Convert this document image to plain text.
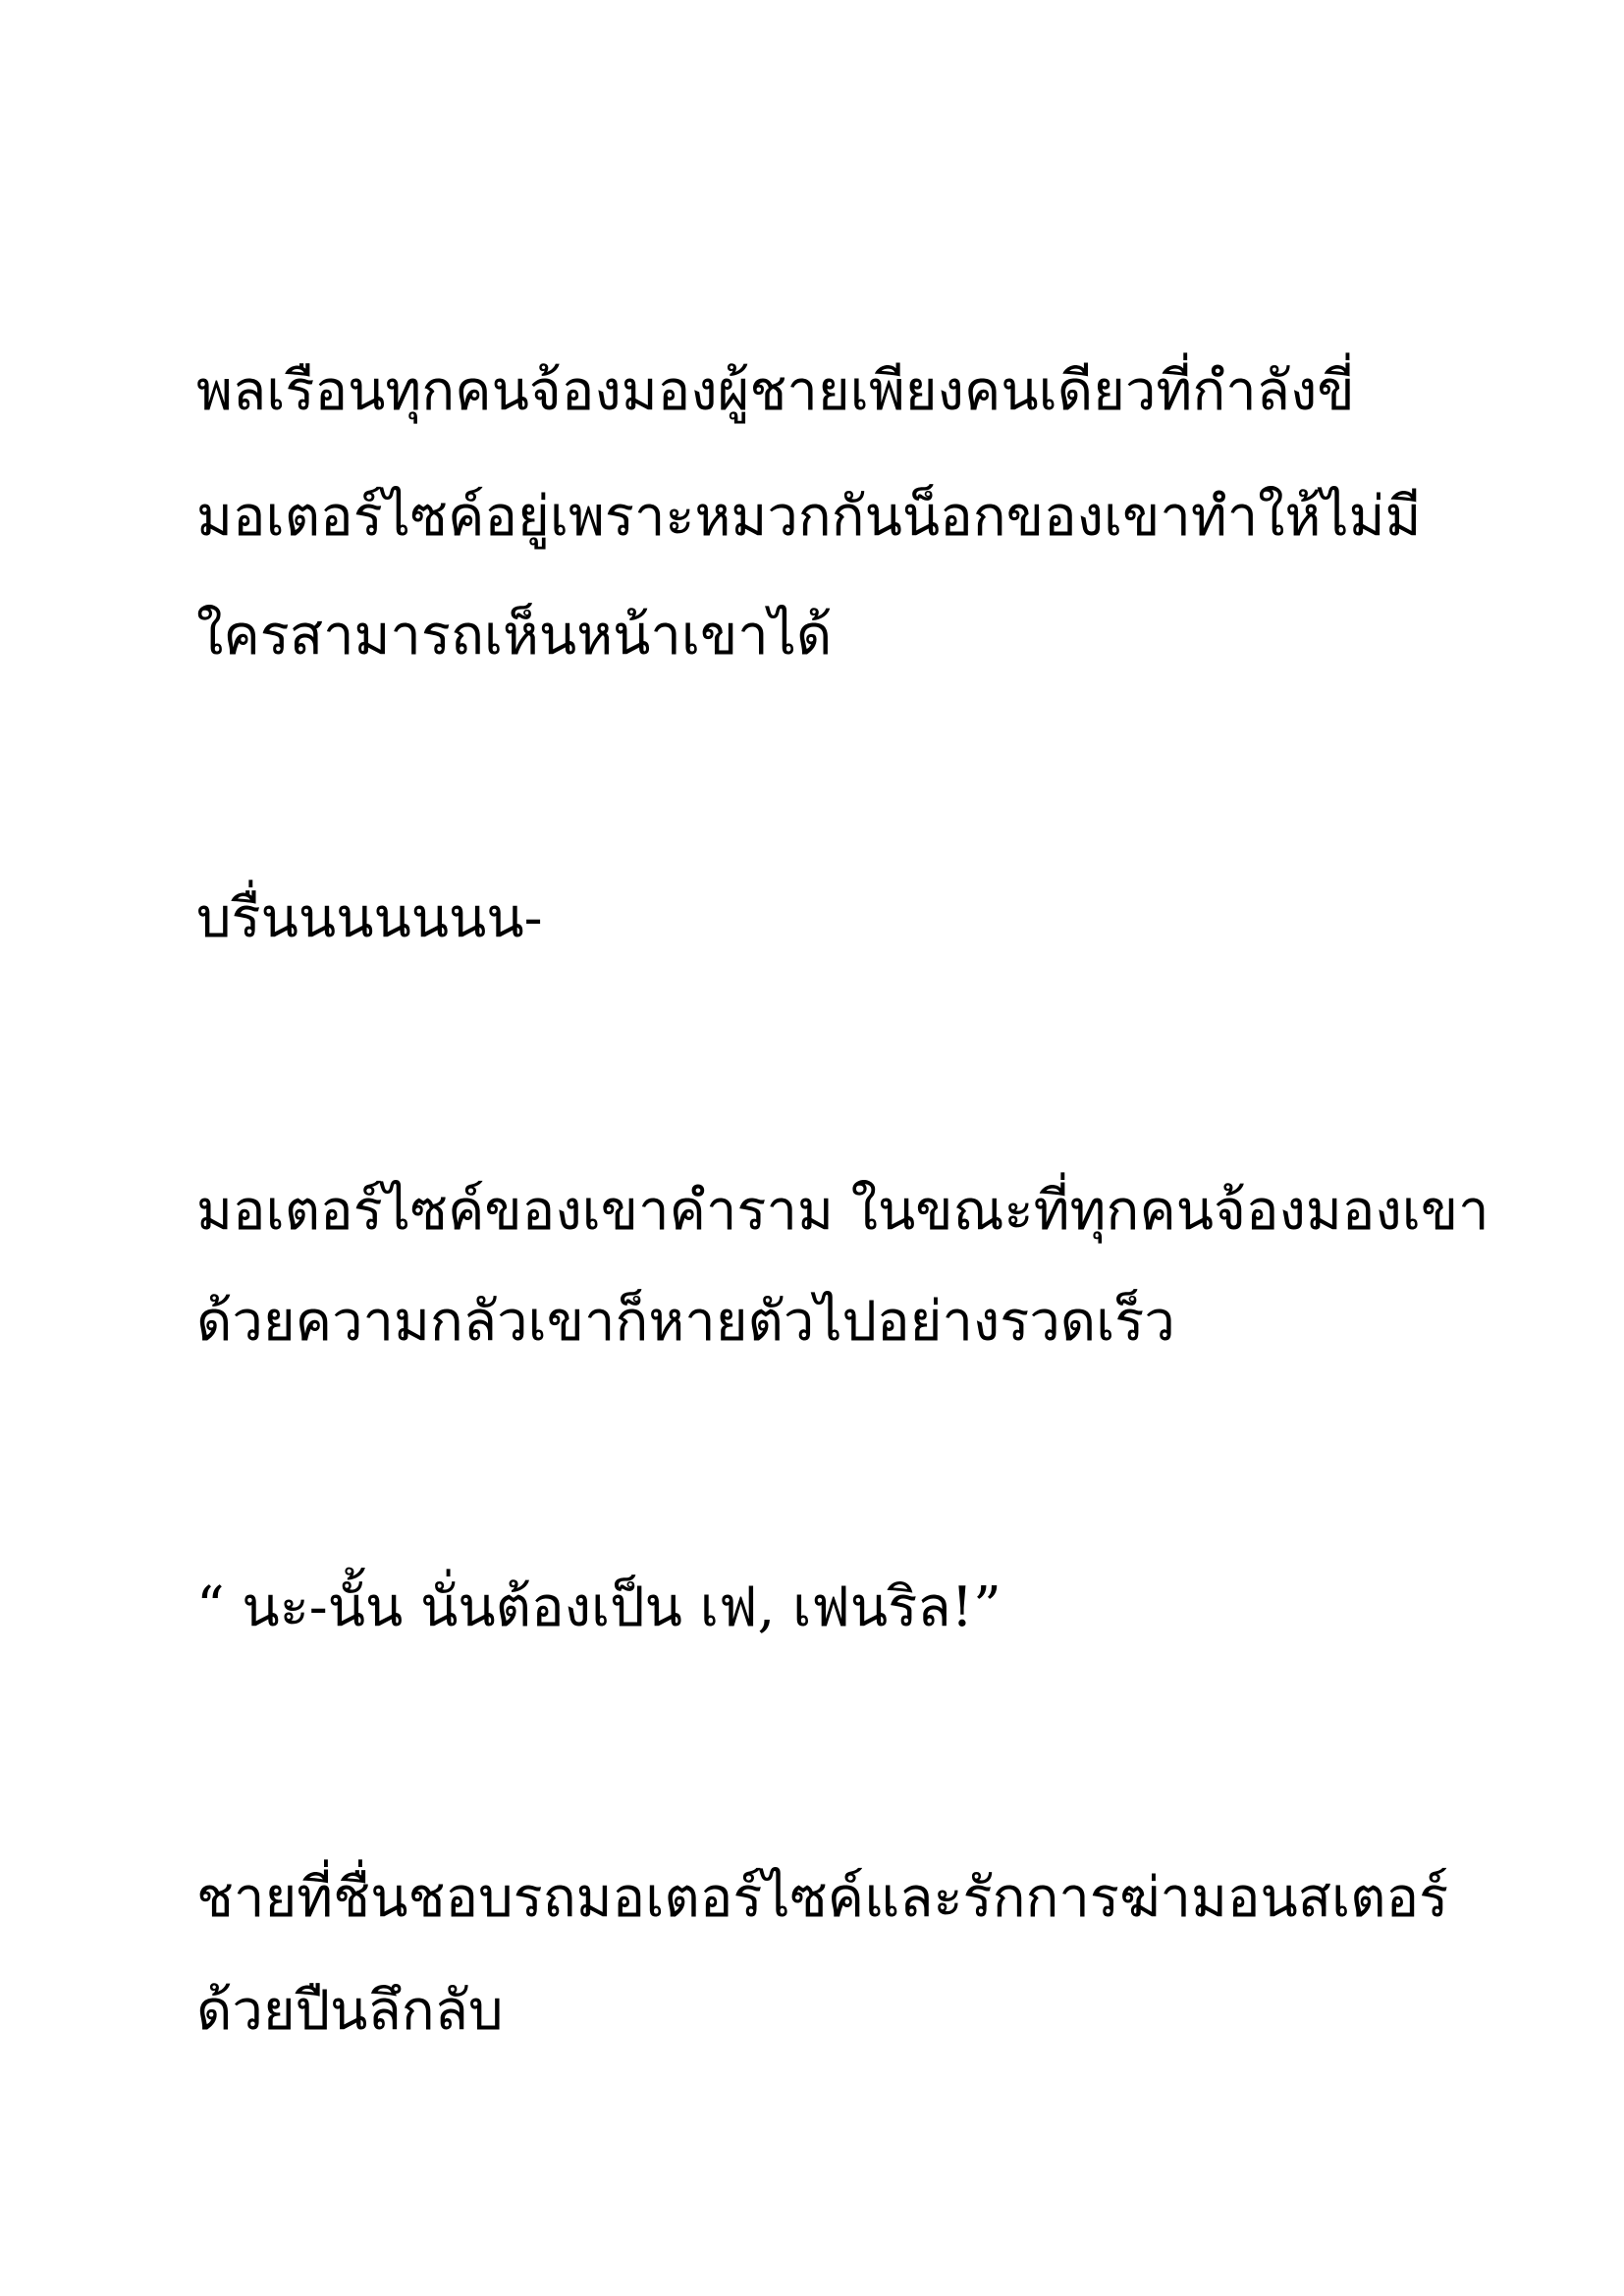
พลเรือนทุกคนจ้องมองผู้ชายเพียงคนเดียวที่กำลังขี่
มอเตอร์ไซค์อยู่เพราะหมวกกันน็อกของเขาทำให้ไม่มี
ใครสามารถเห็นหน้าเขาได้
บรื่นนนนนนน-
มอเตอร์ไซค์ของเขาคำราม ในขณะที่ทุกคนจ้องมองเขา
ด้วยความกลัวเขาก็หายตัวไปอย่างรวดเร็ว
“ นะ-นั้น นั่นต้องเป็น เฟ, เฟนริล!”
ชายที่ชื่นชอบรถมอเตอร์ไซค์และรักการฆ่ามอนสเตอร์
ด้วยปืนลึกลับ
